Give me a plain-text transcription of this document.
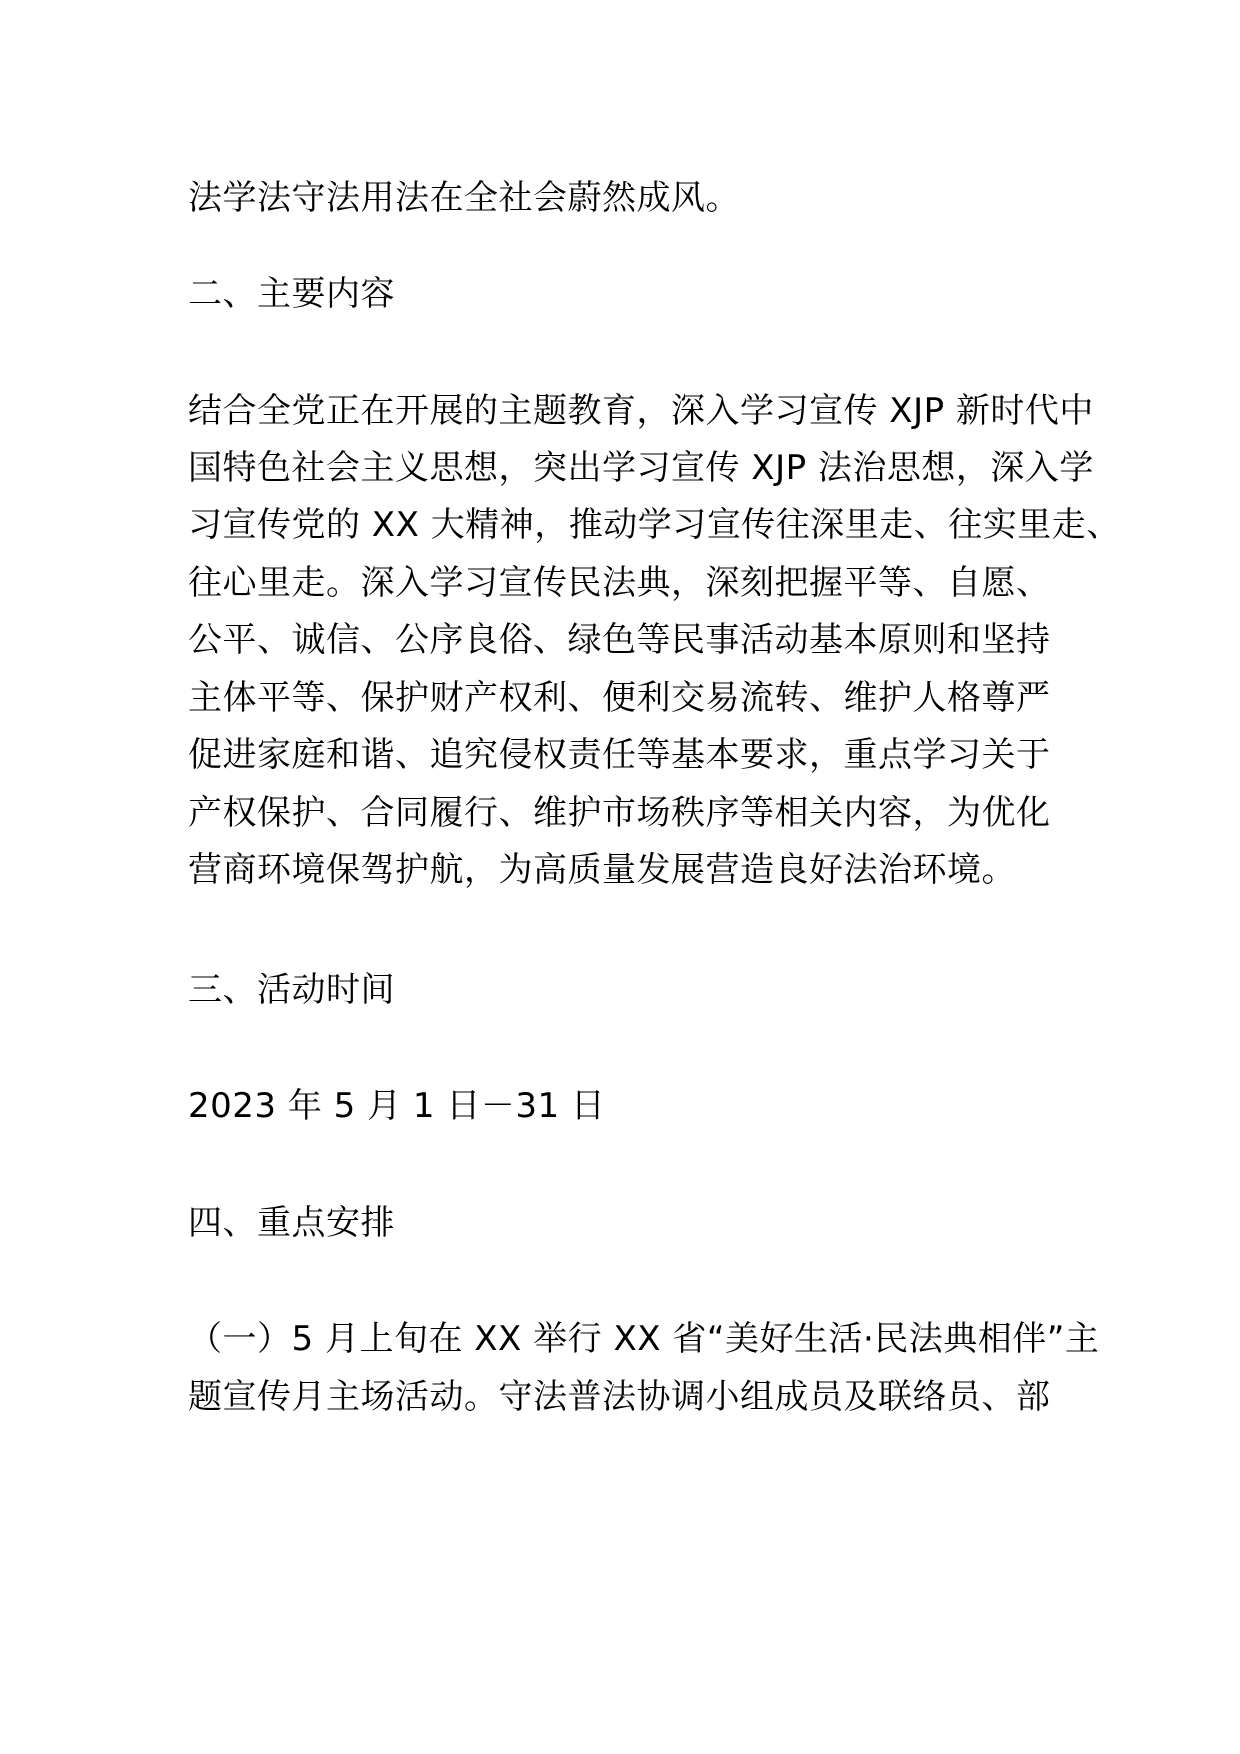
法学法守法用法在全社会蔚然成风。
二、主要内容
结合全党正在开展的主题教育，深入学习宣传 XJP 新时代中
国特色社会主义思想，突出学习宣传 XJP 法治思想，深入学
习宣传党的 XX 大精神，推动学习宣传往深里走、往实里走、
往心里走。深入学习宣传民法典，深刻把握平等、自愿、
公平、诚信、公序良俗、绿色等民事活动基本原则和坚持
主体平等、保护财产权利、便利交易流转、维护人格尊严
促进家庭和谐、追究侵权责任等基本要求，重点学习关于
产权保护、合同履行、维护市场秩序等相关内容，为优化
营商环境保驾护航，为高质量发展营造良好法治环境。
三、活动时间
2023 年 5 月 1 日－31 日
四、重点安排
（一）5 月上旬在 XX 举行 XX 省“美好生活·民法典相伴”主
题宣传月主场活动。守法普法协调小组成员及联络员、部
